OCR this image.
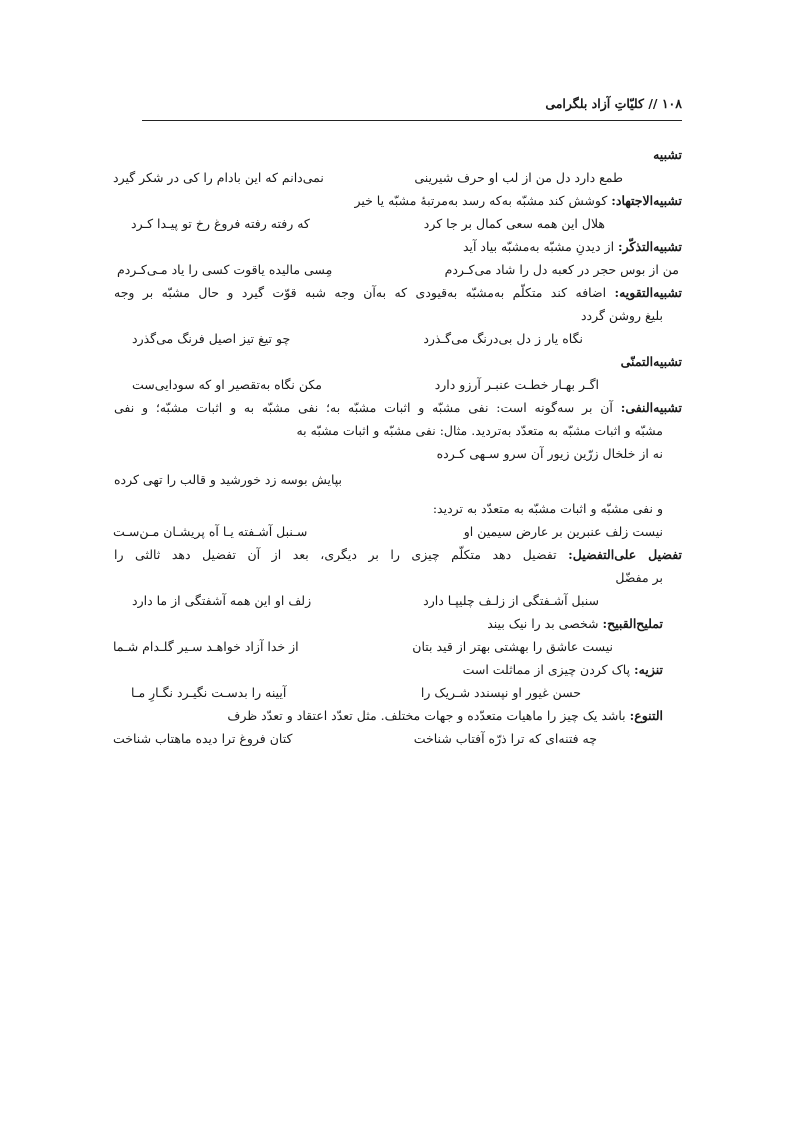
۱۰۸ // کلیّاتِ آزاد بلگرامی
تشبیه
طمع دارد دل من از لب او حرف شیرینی
نمی‌دانم که این بادام را کی در شکر گیرد
تشبیه‌الاجتهاد: کوشش کند مشبّه به‌که رسد به‌مرتبهٔ مشبّه یا خیر
هلال این همه سعی کمال بر جا کرد
که رفته رفته فروغ رخ تو پیـدا کـرد
تشبیه‌التذکّر: از دیدنِ مشبّه به‌مشبّه بیاد آید
من از بوس حجر در کعبه دل را شاد می‌کـردم
مِسی مالیده یاقوت کسی را یاد مـی‌کـردم
تشبیه‌التقویه: اضافه کند متکلّم به‌مشبّه به‌قیودی که به‌آن وجه شبه قوّت گیرد و حال مشبّه بر وجه
بلیغ روشن گردد
نگاه یار ز دل بی‌درنگ می‌گـذرد
چو تیغ تیز اصیل فرنگ می‌گذرد
تشبیه‌التمنّی
اگـر بهـار خطـت عنبـر آرزو دارد
مکن نگاه به‌تقصیر او که سودایی‌ست
تشبیه‌النفی: آن بر سه‌گونه است: نفی مشبّه و اثبات مشبّه به؛ نفی مشبّه به و اثبات مشبّه؛ و نفی
مشبّه و اثبات مشبّه به متعدّد به‌تردید. مثال: نفی مشبّه و اثبات مشبّه به
نه از خلخال زرّین زیور آن سرو سـهی کـرده
بپایش بوسه زد خورشید و قالب را تهی کرده
و نفی مشبّه و اثبات مشبّه به متعدّد به تردید:
نیست زلف عنبرین بر عارض سیمین او
سـنبل آشـفته یـا آه پریشـان مـن‌سـت
تفضیل علی‌التفضیل: تفضیل دهد متکلّم چیزی را بر دیگری، بعد از آن تفضیل دهد ثالثی را
بر مفضّل
سنبل آشـفتگی از زلـف چلیپـا دارد
زلف او این همه آشفتگی از ما دارد
تملیح‌القبیح: شخصی بد را نیک بیند
نیست عاشق را بهشتی بهتر از قید بتان
از خدا آزاد خواهـد سـیر گلـدام شـما
تنزیه: پاک کردن چیزی از مماثلت است
حسن غیور او نپسندد شـریک را
آیینه را بدسـت نگیـرد نگـارِ مـا
التنوع: باشد یک چیز را ماهیات متعدّده و جهات مختلف. مثل تعدّد اعتقاد و تعدّد ظرف
چه فتنه‌ای که ترا ذرّه آفتاب شناخت
کتان فروغ ترا دیده ماهتاب شناخت
